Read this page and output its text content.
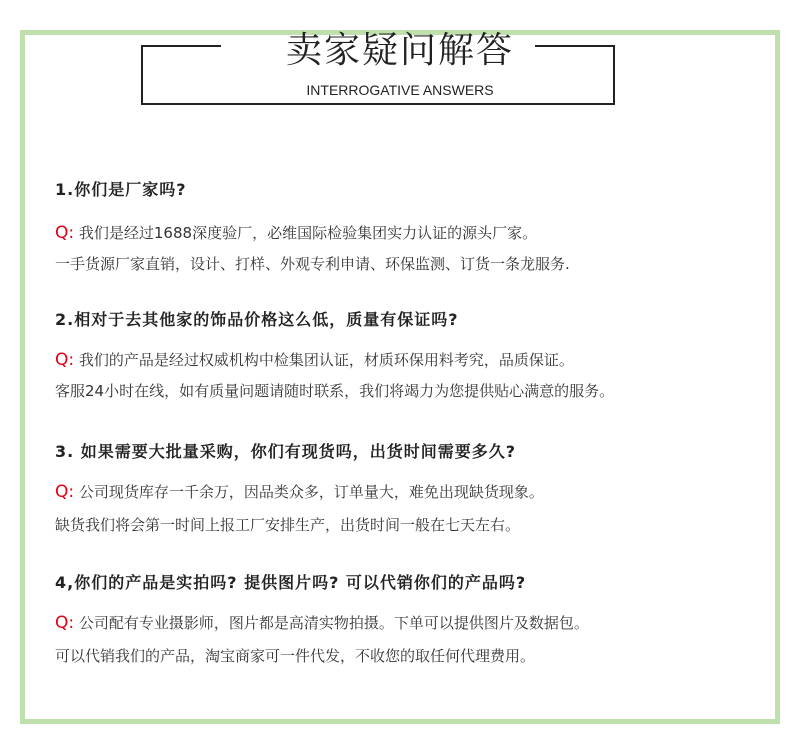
卖家疑问解答
INTERROGATIVE ANSWERS

1.你们是厂家吗?

Q: 我们是经过1688深度验厂，必维国际检验集团实力认证的源头厂家。

一手货源厂家直销，设计、打样、外观专利申请、环保监测、订货一条龙服务.

2.相对于去其他家的饰品价格这么低，质量有保证吗?

Q: 我们的产品是经过权威机构中检集团认证，材质环保用料考究，品质保证。

客服24小时在线，如有质量问题请随时联系，我们将竭力为您提供贴心满意的服务。

3. 如果需要大批量采购，你们有现货吗，出货时间需要多久?

Q: 公司现货库存一千余万，因品类众多，订单量大，难免出现缺货现象。

缺货我们将会第一时间上报工厂安排生产，出货时间一般在七天左右。

4,你们的产品是实拍吗? 提供图片吗? 可以代销你们的产品吗?

Q: 公司配有专业摄影师，图片都是高清实物拍摄。下单可以提供图片及数据包。

可以代销我们的产品，淘宝商家可一件代发，不收您的取任何代理费用。
